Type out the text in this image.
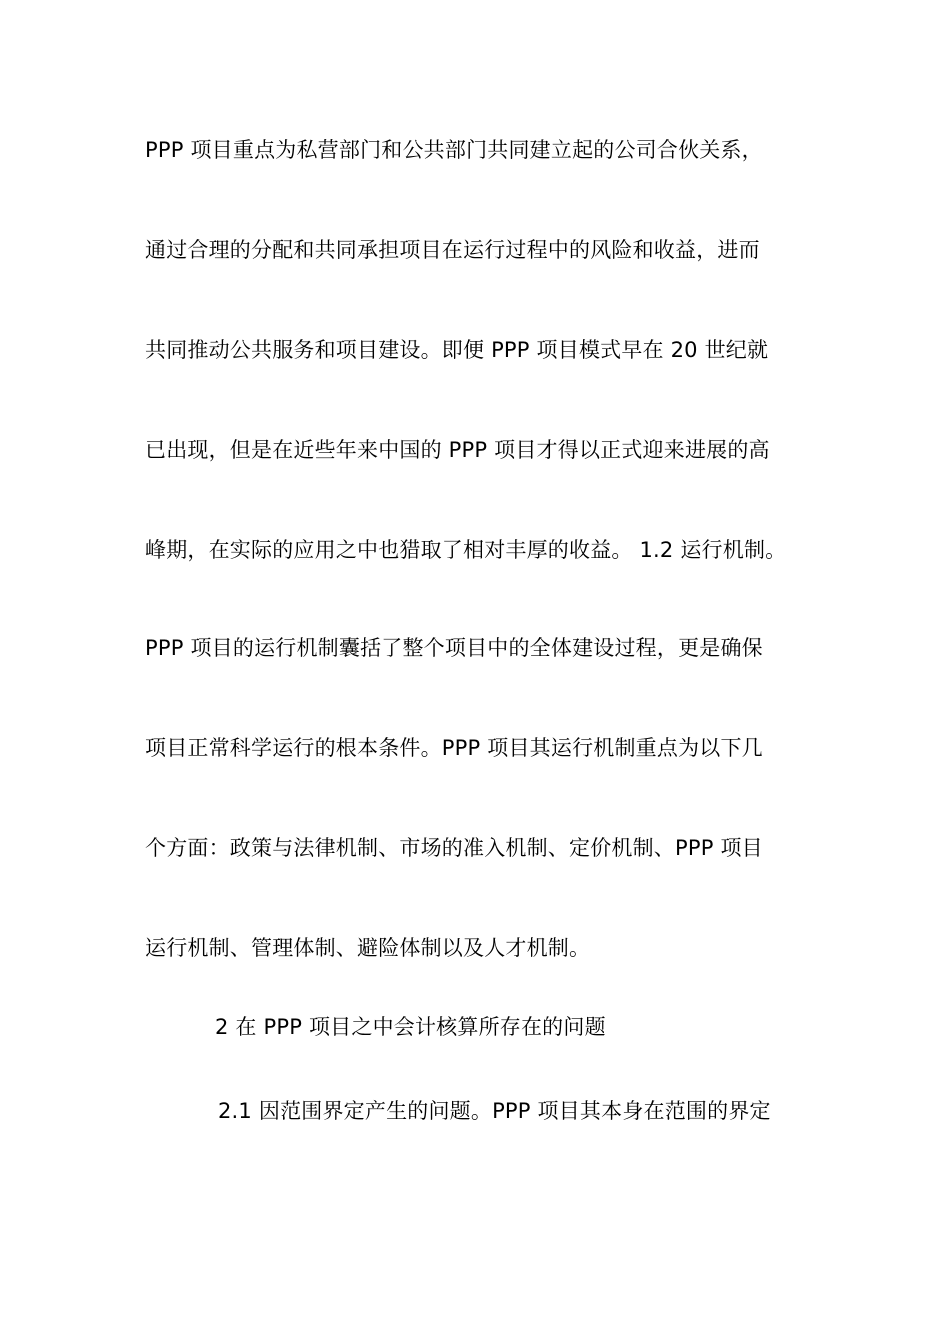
PPP 项目重点为私营部门和公共部门共同建立起的公司合伙关系，
通过合理的分配和共同承担项目在运行过程中的风险和收益，进而
共同推动公共服务和项目建设。即便 PPP 项目模式早在 20 世纪就
已出现，但是在近些年来中国的 PPP 项目才得以正式迎来进展的高
峰期，在实际的应用之中也猎取了相对丰厚的收益。 1.2 运行机制。
PPP 项目的运行机制囊括了整个项目中的全体建设过程，更是确保
项目正常科学运行的根本条件。PPP 项目其运行机制重点为以下几
个方面：政策与法律机制、市场的准入机制、定价机制、PPP 项目
运行机制、管理体制、避险体制以及人才机制。
2 在 PPP 项目之中会计核算所存在的问题
2.1 因范围界定产生的问题。PPP 项目其本身在范围的界定
